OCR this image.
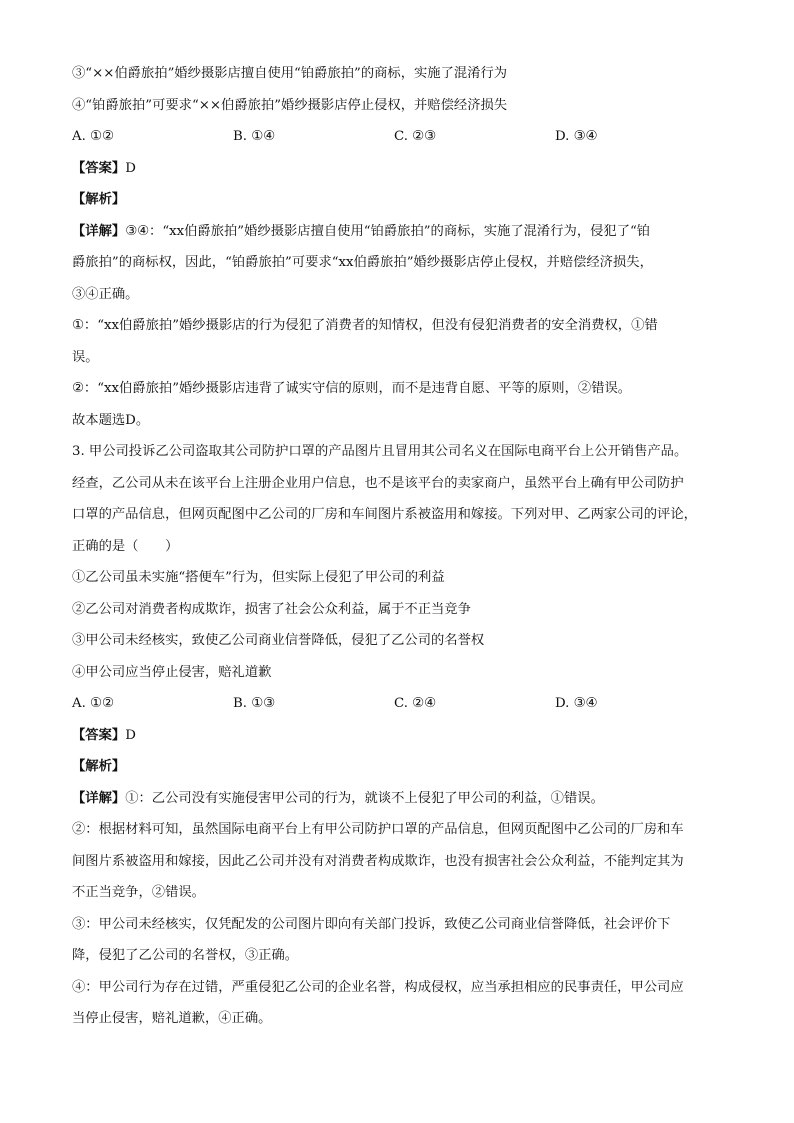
③“××伯爵旅拍”婚纱摄影店擅自使用“铂爵旅拍”的商标，实施了混淆行为
④“铂爵旅拍”可要求“××伯爵旅拍”婚纱摄影店停止侵权，并赔偿经济损失
A. ①②	B. ①④	C. ②③	D. ③④
【答案】D
【解析】
【详解】③④：“xx伯爵旅拍”婚纱摄影店擅自使用“铂爵旅拍”的商标，实施了混淆行为，侵犯了“铂
爵旅拍”的商标权，因此，“铂爵旅拍”可要求“xx伯爵旅拍”婚纱摄影店停止侵权，并赔偿经济损失，
③④正确。
①：“xx伯爵旅拍”婚纱摄影店的行为侵犯了消费者的知情权，但没有侵犯消费者的安全消费权，①错
误。
②：“xx伯爵旅拍”婚纱摄影店违背了诚实守信的原则，而不是违背自愿、平等的原则，②错误。
故本题选D。
3. 甲公司投诉乙公司盗取其公司防护口罩的产品图片且冒用其公司名义在国际电商平台上公开销售产品。
经查，乙公司从未在该平台上注册企业用户信息，也不是该平台的卖家商户，虽然平台上确有甲公司防护
口罩的产品信息，但网页配图中乙公司的厂房和车间图片系被盗用和嫁接。下列对甲、乙两家公司的评论，
正确的是（　　）
①乙公司虽未实施“搭便车”行为，但实际上侵犯了甲公司的利益
②乙公司对消费者构成欺诈，损害了社会公众利益，属于不正当竞争
③甲公司未经核实，致使乙公司商业信誉降低，侵犯了乙公司的名誉权
④甲公司应当停止侵害，赔礼道歉
A. ①②	B. ①③	C. ②④	D. ③④
【答案】D
【解析】
【详解】①：乙公司没有实施侵害甲公司的行为，就谈不上侵犯了甲公司的利益，①错误。
②：根据材料可知，虽然国际电商平台上有甲公司防护口罩的产品信息，但网页配图中乙公司的厂房和车
间图片系被盗用和嫁接，因此乙公司并没有对消费者构成欺诈，也没有损害社会公众利益，不能判定其为
不正当竞争，②错误。
③：甲公司未经核实，仅凭配发的公司图片即向有关部门投诉，致使乙公司商业信誉降低，社会评价下
降，侵犯了乙公司的名誉权，③正确。
④：甲公司行为存在过错，严重侵犯乙公司的企业名誉，构成侵权，应当承担相应的民事责任，甲公司应
当停止侵害，赔礼道歉，④正确。
